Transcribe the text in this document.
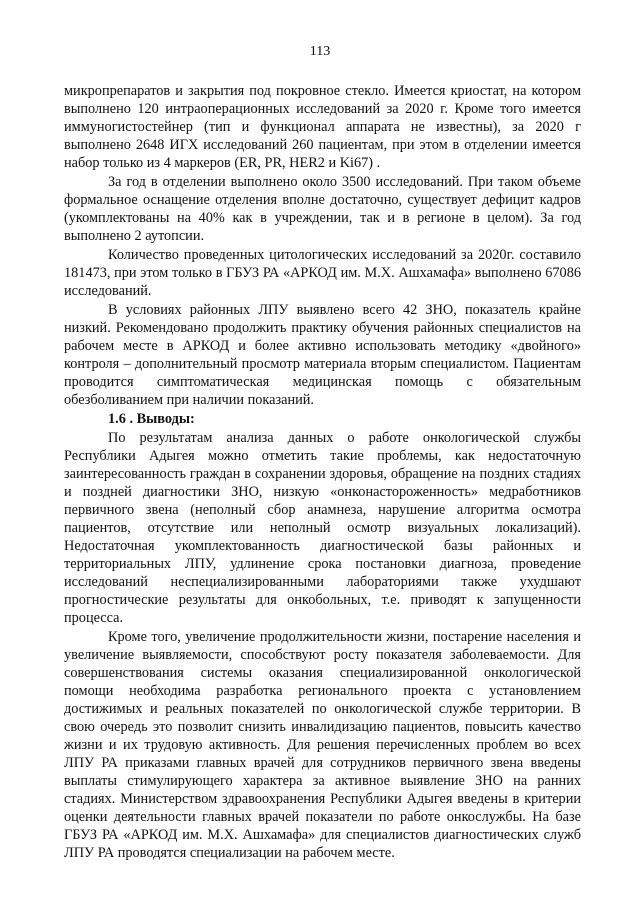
113

микропрепаратов и закрытия под покровное стекло. Имеется криостат, на котором выполнено 120 интраоперационных исследований за 2020 г. Кроме того имеется иммуногистостейнер (тип и функционал аппарата не известны), за 2020 г выполнено 2648 ИГХ исследований 260 пациентам, при этом в отделении имеется набор только из 4 маркеров (ER, PR, HER2 и Ki67) .

За год в отделении выполнено около 3500 исследований. При таком объеме формальное оснащение отделения вполне достаточно, существует дефицит кадров (укомплектованы на 40% как в учреждении, так и в регионе в целом). За год выполнено 2 аутопсии.

Количество проведенных цитологических исследований за 2020г. составило 181473, при этом только в ГБУЗ РА «АРКОД им. М.Х. Ашхамафа» выполнено 67086 исследований.

В условиях районных ЛПУ выявлено всего 42 ЗНО, показатель крайне низкий. Рекомендовано продолжить практику обучения районных специалистов на рабочем месте в АРКОД и более активно использовать методику «двойного» контроля – дополнительный просмотр материала вторым специалистом. Пациентам проводится симптоматическая медицинская помощь с обязательным обезболиванием при наличии показаний.

1.6 . Выводы:

По результатам анализа данных о работе онкологической службы Республики Адыгея можно отметить такие проблемы, как недостаточную заинтересованность граждан в сохранении здоровья, обращение на поздних стадиях и поздней диагностики ЗНО, низкую «онконастороженность» медработников первичного звена (неполный сбор анамнеза, нарушение алгоритма осмотра пациентов, отсутствие или неполный осмотр визуальных локализаций). Недостаточная укомплектованность диагностической базы районных и территориальных ЛПУ, удлинение срока постановки диагноза, проведение исследований неспециализированными лабораториями также ухудшают прогностические результаты для онкобольных, т.е. приводят к запущенности процесса.

Кроме того, увеличение продолжительности жизни, постарение населения и увеличение выявляемости, способствуют росту показателя заболеваемости. Для совершенствования системы оказания специализированной онкологической помощи необходима разработка регионального проекта с установлением достижимых и реальных показателей по онкологической службе территории. В свою очередь это позволит снизить инвалидизацию пациентов, повысить качество жизни и их трудовую активность. Для решения перечисленных проблем во всех ЛПУ РА приказами главных врачей для сотрудников первичного звена введены выплаты стимулирующего характера за активное выявление ЗНО на ранних стадиях. Министерством здравоохранения Республики Адыгея введены в критерии оценки деятельности главных врачей показатели по работе онкослужбы. На базе ГБУЗ РА «АРКОД им. М.Х. Ашхамафа» для специалистов диагностических служб ЛПУ РА проводятся специализации на рабочем месте.
